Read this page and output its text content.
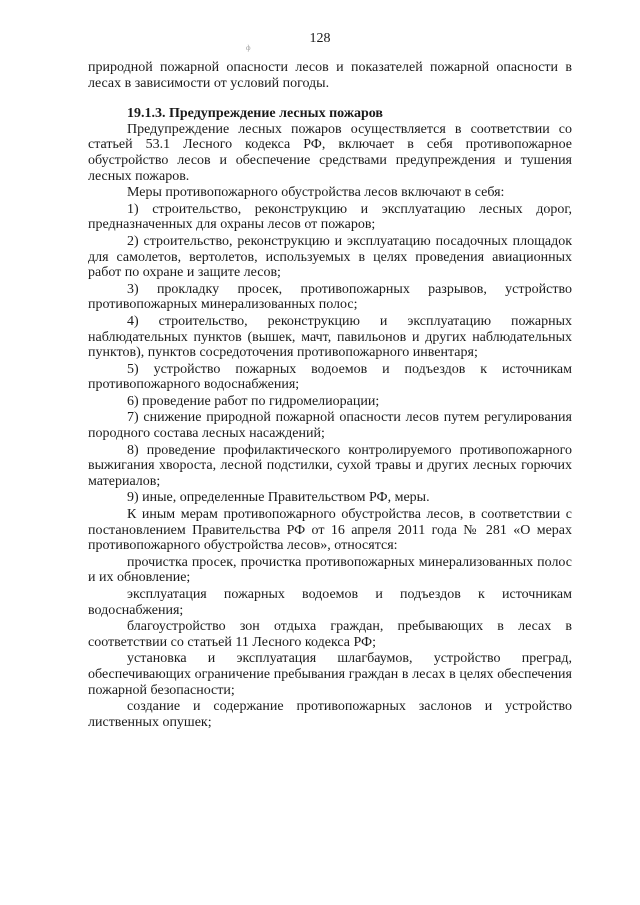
128
ф

природной пожарной опасности лесов и показателей пожарной опасности в лесах в зависимости от условий погоды.

19.1.3. Предупреждение лесных пожаров

Предупреждение лесных пожаров осуществляется в соответствии со статьей 53.1 Лесного кодекса РФ, включает в себя противопожарное обустройство лесов и обеспечение средствами предупреждения и тушения лесных пожаров.

Меры противопожарного обустройства лесов включают в себя:

1) строительство, реконструкцию и эксплуатацию лесных дорог, предназначенных для охраны лесов от пожаров;

2) строительство, реконструкцию и эксплуатацию посадочных площадок для самолетов, вертолетов, используемых в целях проведения авиационных работ по охране и защите лесов;

3) прокладку просек, противопожарных разрывов, устройство противопожарных минерализованных полос;

4) строительство, реконструкцию и эксплуатацию пожарных наблюдательных пунктов (вышек, мачт, павильонов и других наблюдательных пунктов), пунктов сосредоточения противопожарного инвентаря;

5) устройство пожарных водоемов и подъездов к источникам противопожарного водоснабжения;

6) проведение работ по гидромелиорации;

7) снижение природной пожарной опасности лесов путем регулирования породного состава лесных насаждений;

8) проведение профилактического контролируемого противопожарного выжигания хвороста, лесной подстилки, сухой травы и других лесных горючих материалов;

9) иные, определенные Правительством РФ, меры.

К иным мерам противопожарного обустройства лесов, в соответствии с постановлением Правительства РФ от 16 апреля 2011 года № 281 «О мерах противопожарного обустройства лесов», относятся:

прочистка просек, прочистка противопожарных минерализованных полос и их обновление;

эксплуатация пожарных водоемов и подъездов к источникам водоснабжения;

благоустройство зон отдыха граждан, пребывающих в лесах в соответствии со статьей 11 Лесного кодекса РФ;

установка и эксплуатация шлагбаумов, устройство преград, обеспечивающих ограничение пребывания граждан в лесах в целях обеспечения пожарной безопасности;

создание и содержание противопожарных заслонов и устройство лиственных опушек;
